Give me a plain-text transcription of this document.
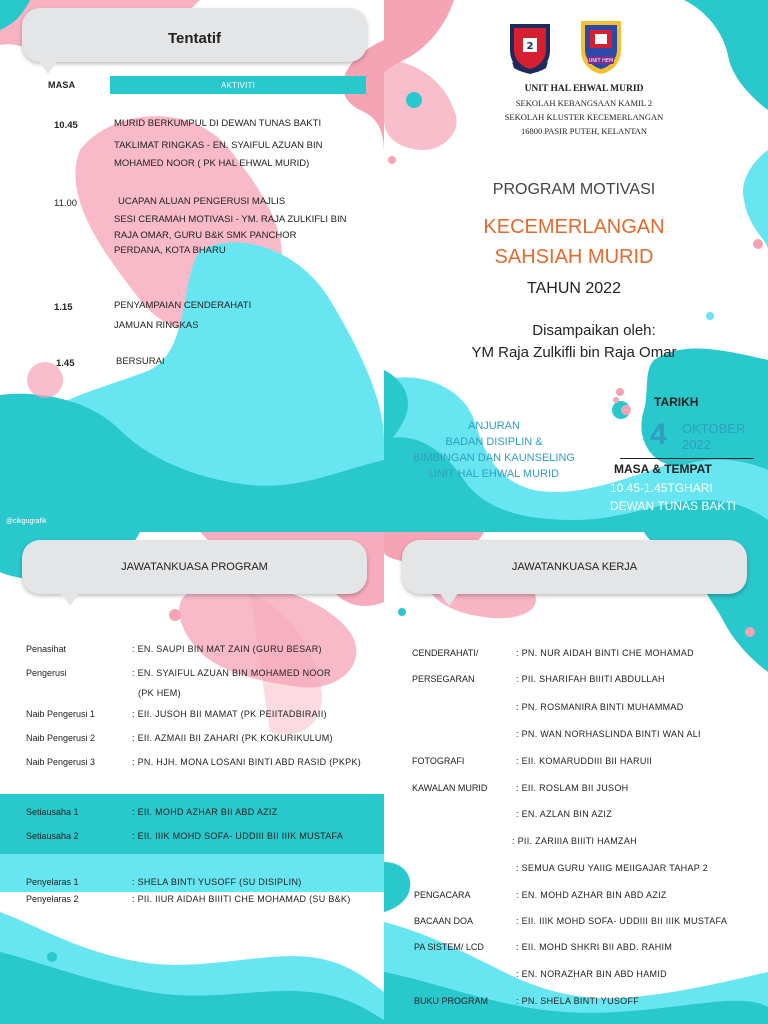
Tentatif
MASA	AKTIVITI
10.45	MURID BERKUMPUL DI DEWAN TUNAS BAKTI
TAKLIMAT RINGKAS - EN. SYAIFUL AZUAN BIN
MOHAMED NOOR ( PK HAL EHWAL MURID)
11.00	UCAPAN ALUAN PENGERUSI MAJLIS
SESI CERAMAH MOTIVASI - YM. RAJA ZULKIFLI BIN
RAJA OMAR, GURU B&K SMK PANCHOR
PERDANA, KOTA BHARU
1.15	PENYAMPAIAN CENDERAHATI
JAMUAN RINGKAS
1.45	BERSURAI
@cikgugrafik
2
UNIT HEM
UNIT HAL EHWAL MURID
SEKOLAH KEBANGSAAN KAMIL 2
SEKOLAH KLUSTER KECEMERLANGAN
16800 PASIR PUTEH, KELANTAN
PROGRAM MOTIVASI
KECEMERLANGAN
SAHSIAH MURID
TAHUN 2022
Disampaikan oleh:
YM Raja Zulkifli bin Raja Omar
ANJURAN
BADAN DISIPLIN &
BIMBINGAN DAN KAUNSELING
UNIT HAL EHWAL MURID
TARIKH
4 OKTOBER
2022
MASA & TEMPAT
10.45-1.45TGHARI
DEWAN TUNAS BAKTI
JAWATANKUASA PROGRAM
Penasihat	: EN. SAUPI BIN MAT ZAIN (GURU BESAR)
Pengerusi	: EN. SYAIFUL AZUAN BIN MOHAMED NOOR
(PK HEM)
Naib Pengerusi 1	: EII. JUSOH BII MAMAT (PK PEIITADBIRAII)
Naib Pengerusi 2	: EII. AZMAII BII ZAHARI (PK KOKURIKULUM)
Naib Pengerusi 3	: PN. HJH. MONA LOSANI BINTI ABD RASID (PKPK)
Setiausaha 1	: EII. MOHD AZHAR BII ABD AZIZ
Setiausaha 2	: EII. IIIK MOHD SOFA- UDDIII BII IIIK MUSTAFA
Penyelaras 1	: SHELA BINTI YUSOFF (SU DISIPLIN)
Penyelaras 2	: PII. IIUR AIDAH BIIITI CHE MOHAMAD (SU B&K)
JAWATANKUASA KERJA
CENDERAHATI/	: PN. NUR AIDAH BINTI CHE MOHAMAD
PERSEGARAN	: PII. SHARIFAH BIIITI ABDULLAH
: PN. ROSMANIRA BINTI MUHAMMAD
: PN. WAN NORHASLINDA BINTI WAN ALI
FOTOGRAFI	: EII. KOMARUDDIII BII HARUII
KAWALAN MURID	: EII. ROSLAM BII JUSOH
: EN. AZLAN BIN AZIZ
: PII. ZARIIIA BIIITI HAMZAH
: SEMUA GURU YAIIG MEIIGAJAR TAHAP 2
PENGACARA	: EN. MOHD AZHAR BIN ABD AZIZ
BACAAN DOA	: EII. IIIK MOHD SOFA- UDDIII BII IIIK MUSTAFA
PA SISTEM/ LCD	: EII. MOHD SHKRI BII ABD. RAHIM
: EN. NORAZHAR BIN ABD HAMID
BUKU PROGRAM	: PN. SHELA BINTI YUSOFF
